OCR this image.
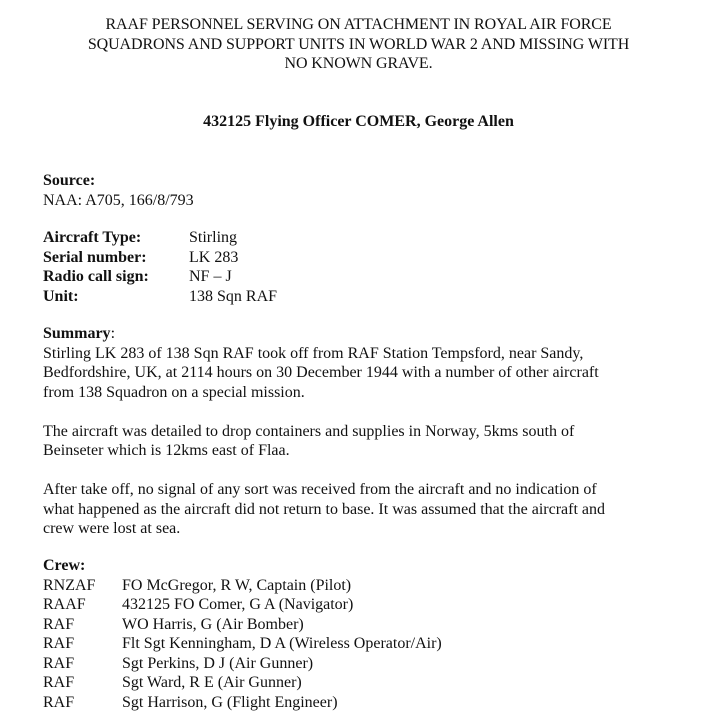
RAAF PERSONNEL SERVING ON ATTACHMENT IN ROYAL AIR FORCE
SQUADRONS AND SUPPORT UNITS IN WORLD WAR 2 AND MISSING WITH
NO KNOWN GRAVE.
432125 Flying Officer COMER, George Allen
Source:
NAA: A705, 166/8/793
Aircraft Type:	Stirling
Serial number:	LK 283
Radio call sign:	NF – J
Unit:	138 Sqn RAF
Summary:

Stirling LK 283 of 138 Sqn RAF took off from RAF Station Tempsford, near Sandy,
Bedfordshire, UK, at 2114 hours on 30 December 1944 with a number of other aircraft
from 138 Squadron on a special mission.

The aircraft was detailed to drop containers and supplies in Norway, 5kms south of
Beinseter which is 12kms east of Flaa.

After take off, no signal of any sort was received from the aircraft and no indication of
what happened as the aircraft did not return to base. It was assumed that the aircraft and
crew were lost at sea.

Crew:
RNZAF	FO McGregor, R W, Captain (Pilot)
RAAF	432125 FO Comer, G A (Navigator)
RAF	WO Harris, G (Air Bomber)
RAF	Flt Sgt Kenningham, D A (Wireless Operator/Air)
RAF	Sgt Perkins, D J (Air Gunner)
RAF	Sgt Ward, R E (Air Gunner)
RAF	Sgt Harrison, G (Flight Engineer)
